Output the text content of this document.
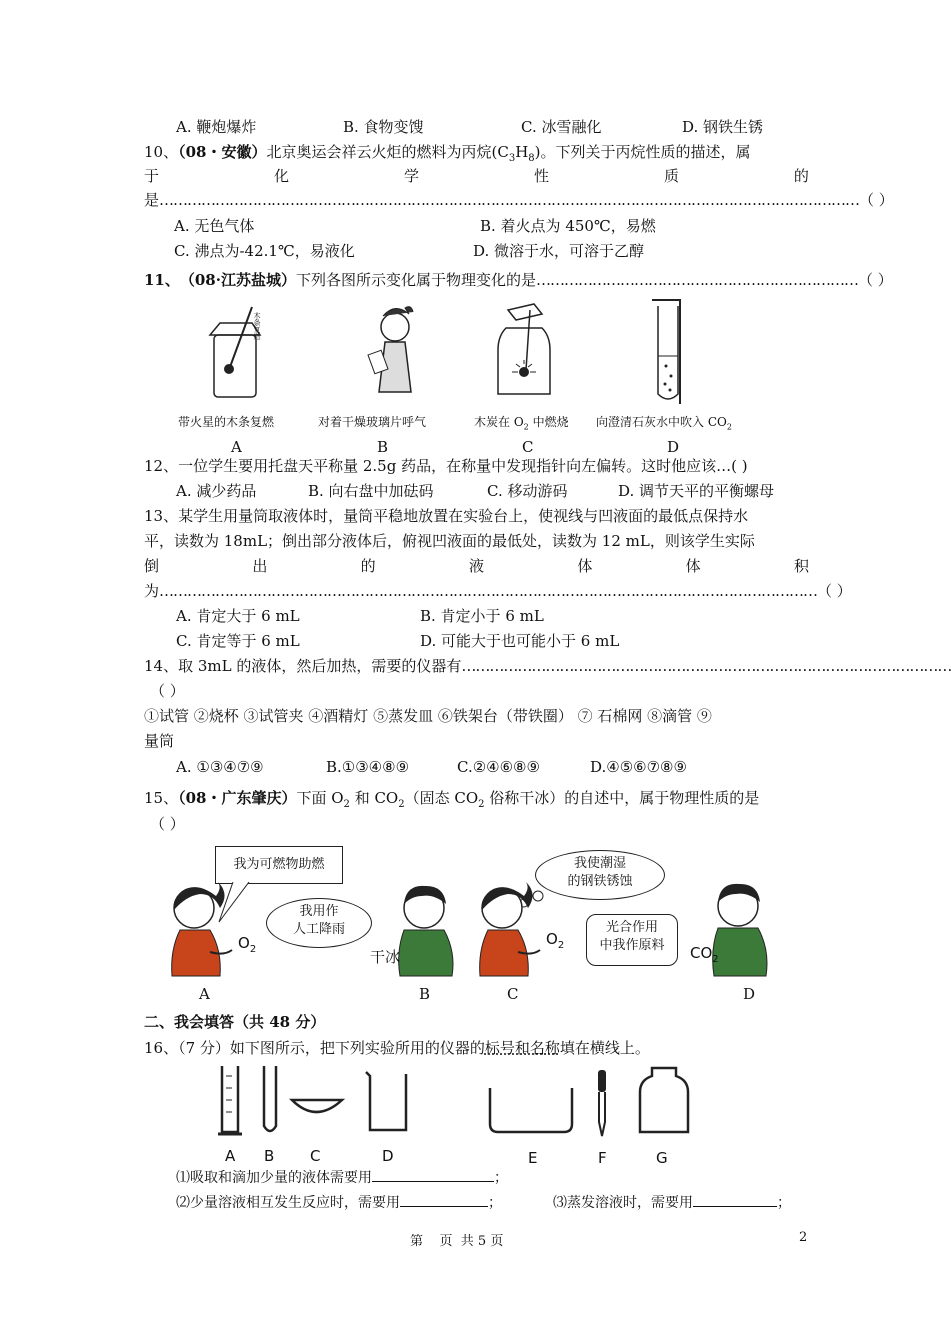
A. 鞭炮爆炸	B. 食物变馊	C. 冰雪融化	D. 钢铁生锈
10、（08・安徽）北京奥运会祥云火炬的燃料为丙烷$(C_3H_8)$。下列关于丙烷性质的描述，属
于	化	学	性	质	的
是 …………………………………………………………………………………………………………………………………… （ ）
A. 无色气体	B. 着火点为 450℃，易燃
C. 沸点为-42.1℃，易液化	D. 微溶于水，可溶于乙醇
11、 （08·江苏盐城） 下列各图所示变化属于物理变化的是 …………………………………………………………… （ ）
木条复燃
带火星的木条复燃	对着干燥玻璃片呼气	木炭在 $O_2$ 中燃烧 向澄清石灰水中吹入 $CO_2$
A	B	C	D
12、一位学生要用托盘天平称量 2.5g 药品，在称量中发现指针向左偏转。这时他应该…( )
A. 减少药品	B. 向右盘中加砝码	C. 移动游码	D. 调节天平的平衡螺母
13、某学生用量筒取液体时，量筒平稳地放置在实验台上，使视线与凹液面的最低点保持水
平，读数为 18mL；倒出部分液体后，俯视凹液面的最低处，读数为 12 mL，则该学生实际
倒	出	的	液	体	体	积
为 …………………………………………………………………………………………………………………………… （ ）
A. 肯定大于 6 mL	B. 肯定小于 6 mL
C. 肯定等于 6 mL	D. 可能大于也可能小于 6 mL
14、取 3mL 的液体，然后加热，需要的仪器有 ……………………………………………………………………………………………
（ ）
①试管 ②烧杯 ③试管夹 ④酒精灯 ⑤蒸发皿 ⑥铁架台（带铁圈） ⑦ 石棉网 ⑧滴管 ⑨
量筒
A. ①③④⑦⑨	B.①③④⑧⑨	C.②④⑥⑧⑨	D.④⑤⑥⑦⑧⑨
15、（08・广东肇庆）下面 $O_2$ 和 $CO_2$（固态 $CO_2$ 俗称干冰）的自述中，属于物理性质的是
（ ）
我为可燃物助燃
我用作
人工降雨
我使潮湿
的钢铁锈蚀
光合作用
中我作原料
$O_2$	干冰
$O_2$	$CO_2$
A	B	C	D
二、我会填答（共 48 分）
16、（7 分）如下图所示，把下列实验所用的仪器的标号和名称填在横线上。
A B C	D	E	F	G
⑴吸取和滴加少量的液体需要用	；
⑵少量溶液相互发生反应时，需要用	；	⑶蒸发溶液时，需要用	；
第    页  共 5 页	2
